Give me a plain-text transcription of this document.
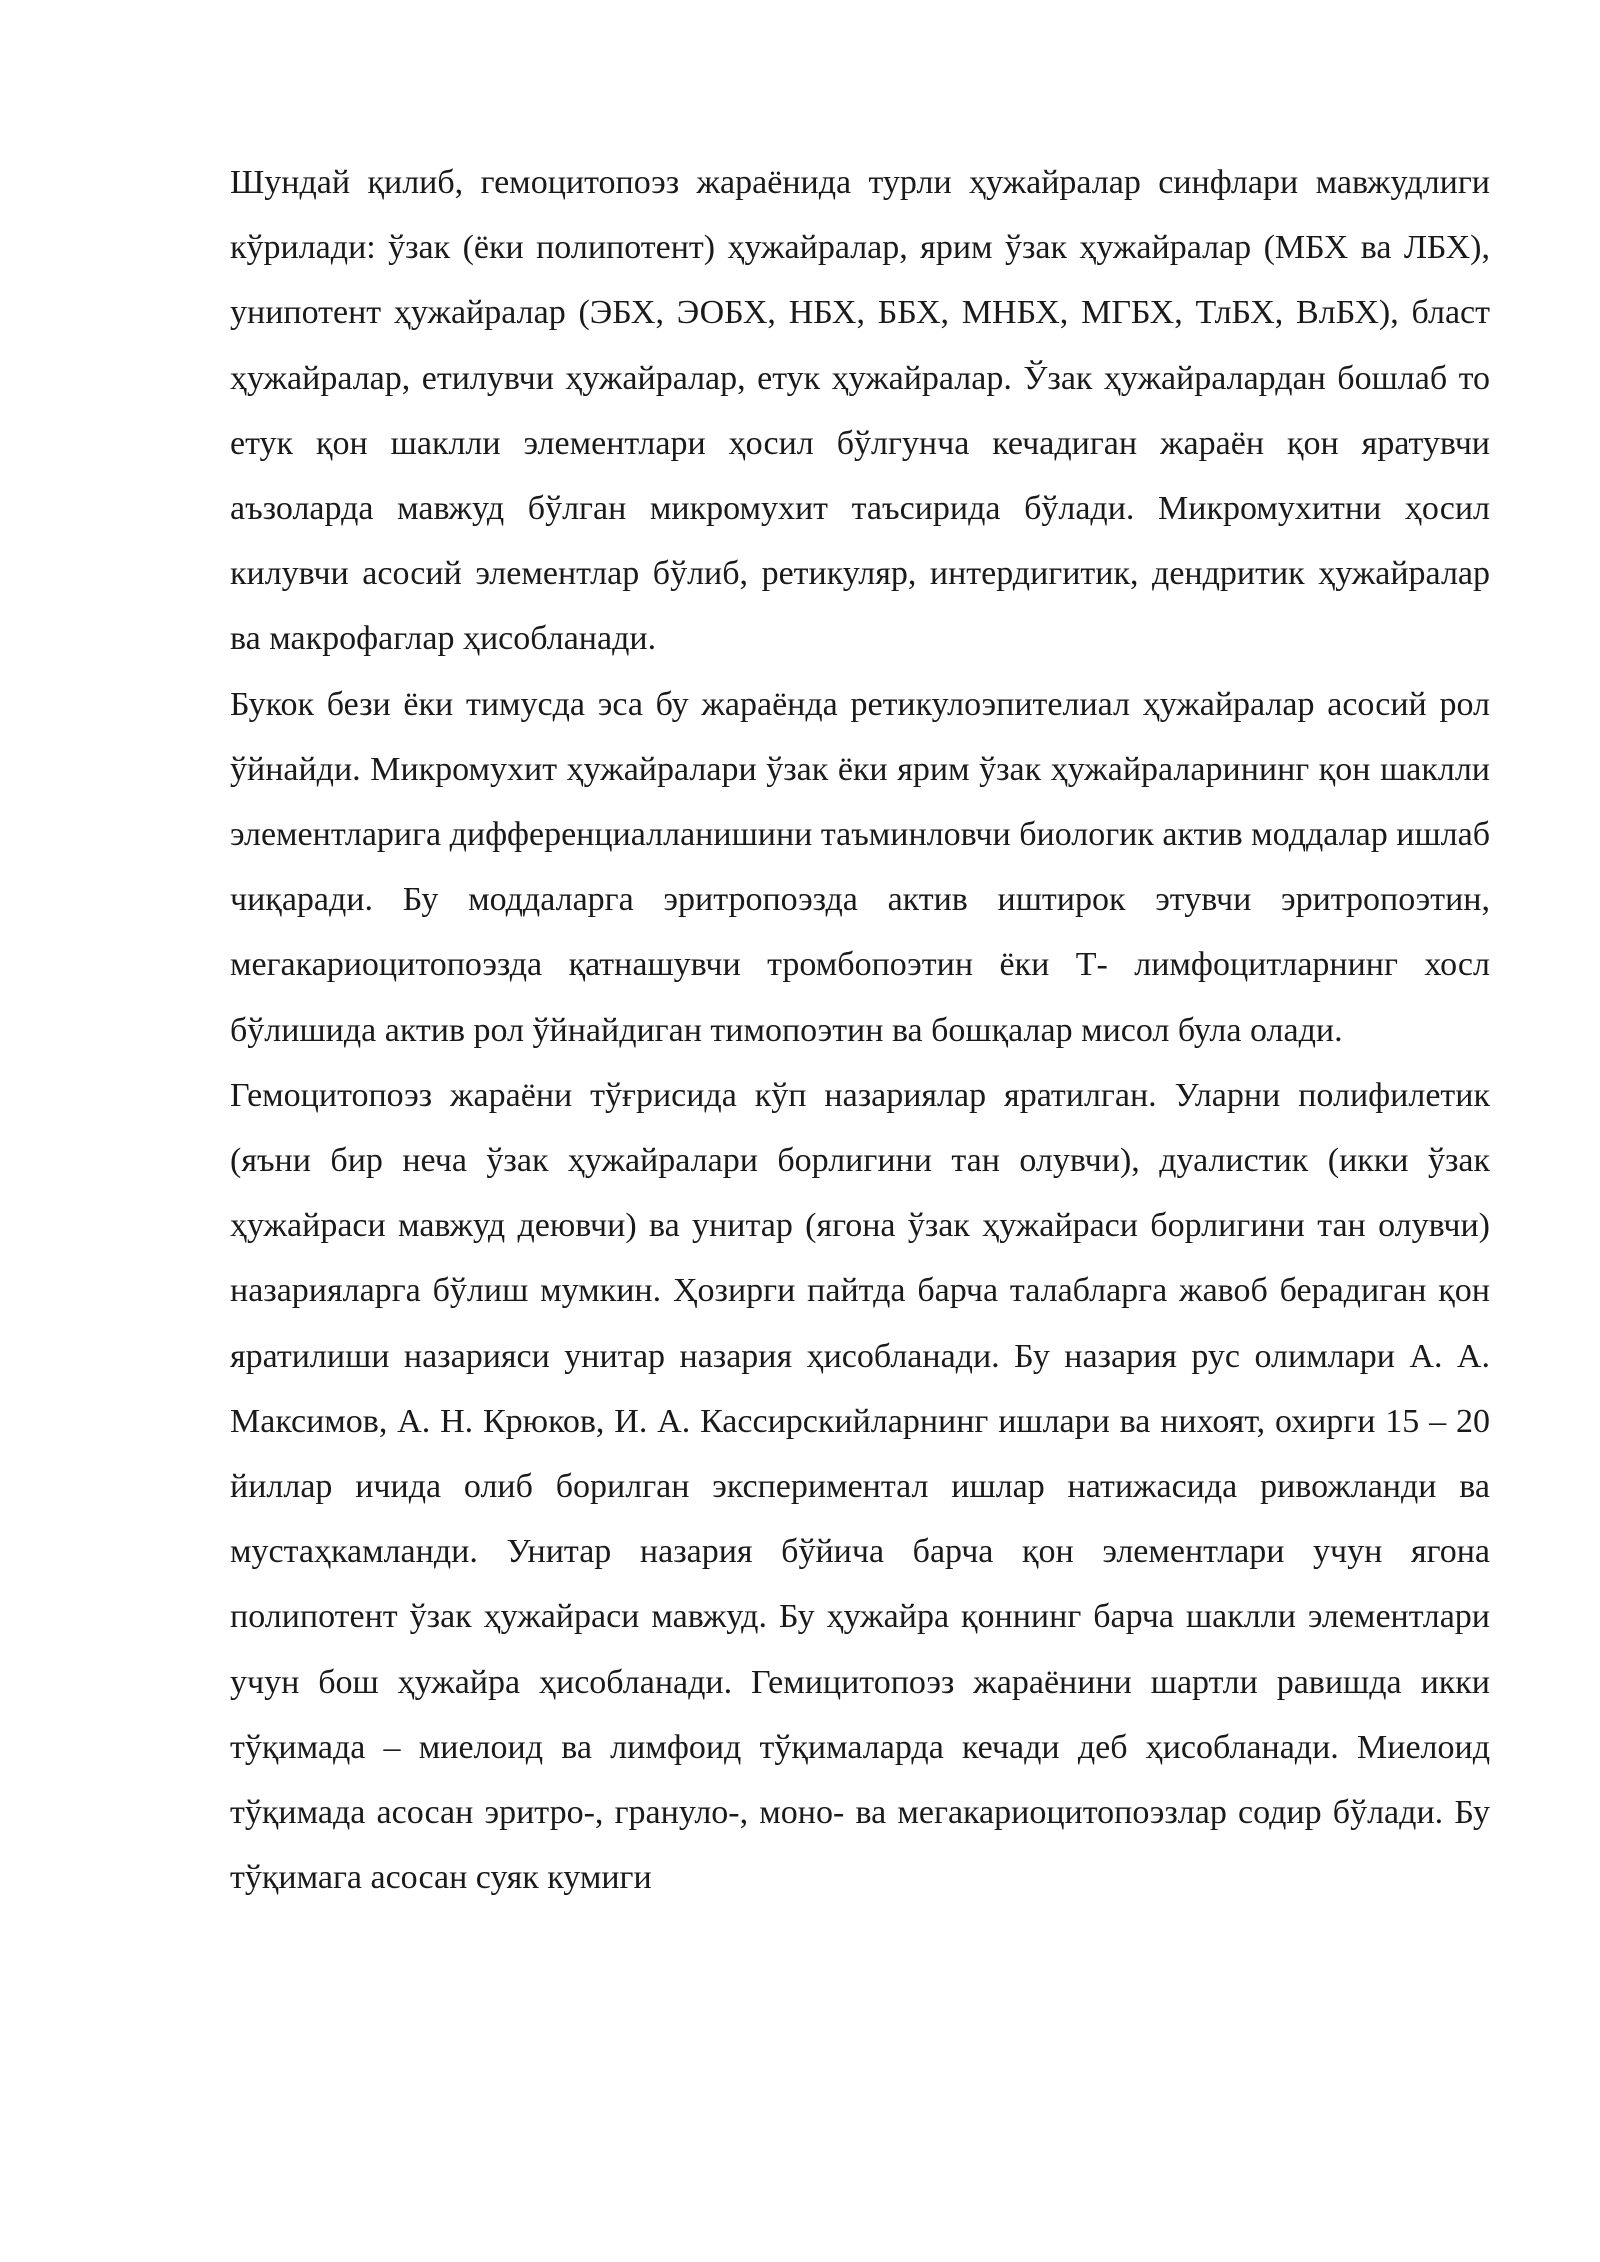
Шундай қилиб, гемоцитопоэз жараёнида турли ҳужайралар синфлари мавжудлиги кўрилади: ўзак (ёки полипотент) ҳужайралар, ярим ўзак ҳужайралар (МБХ ва ЛБХ), унипотент ҳужайралар (ЭБХ, ЭОБХ, НБХ, ББХ, МНБХ, МГБХ, ТлБХ, ВлБХ), бласт ҳужайралар, етилувчи ҳужайралар, етук ҳужайралар. Ўзак ҳужайралардан бошлаб то етук қон шаклли элементлари ҳосил бўлгунча кечадиган жараён қон яратувчи аъзоларда мавжуд бўлган микромухит таъсирида бўлади. Микромухитни ҳосил килувчи асосий элементлар бўлиб, ретикуляр, интердигитик, дендритик ҳужайралар ва макрофаглар ҳисобланади.

Букок бези ёки тимусда эса бу жараёнда ретикулоэпителиал ҳужайралар асосий рол ўйнайди. Микромухит ҳужайралари ўзак ёки ярим ўзак ҳужайраларининг қон шаклли элементларига дифференциалланишини таъминловчи биологик актив моддалар ишлаб чиқаради. Бу моддаларга эритропоэзда актив иштирок этувчи эритропоэтин, мегакариоцитопоэзда қатнашувчи тромбопоэтин ёки Т- лимфоцитларнинг хосл бўлишида актив рол ўйнайдиган тимопоэтин ва бошқалар мисол була олади.

Гемоцитопоэз жараёни тўғрисида кўп назариялар яратилган. Уларни полифилетик (яъни бир неча ўзак ҳужайралари борлигини тан олувчи), дуалистик (икки ўзак ҳужайраси мавжуд деювчи) ва унитар (ягона ўзак ҳужайраси борлигини тан олувчи) назарияларга бўлиш мумкин. Ҳозирги пайтда барча талабларга жавоб берадиган қон яратилиши назарияси унитар назария ҳисобланади. Бу назария рус олимлари А. А. Максимов, А. Н. Крюков, И. А. Кассирскийларнинг ишлари ва нихоят, охирги 15 – 20 йиллар ичида олиб борилган экспериментал ишлар натижасида ривожланди ва мустаҳкамланди. Унитар назария бўйича барча қон элементлари учун ягона полипотент ўзак ҳужайраси мавжуд. Бу ҳужайра қоннинг барча шаклли элементлари учун бош ҳужайра ҳисобланади. Гемицитопоэз жараёнини шартли равишда икки тўқимада – миелоид ва лимфоид тўқималарда кечади деб ҳисобланади. Миелоид тўқимада асосан эритро-, грануло-, моно- ва мегакариоцитопоэзлар содир бўлади. Бу тўқимага асосан суяк кумиги
